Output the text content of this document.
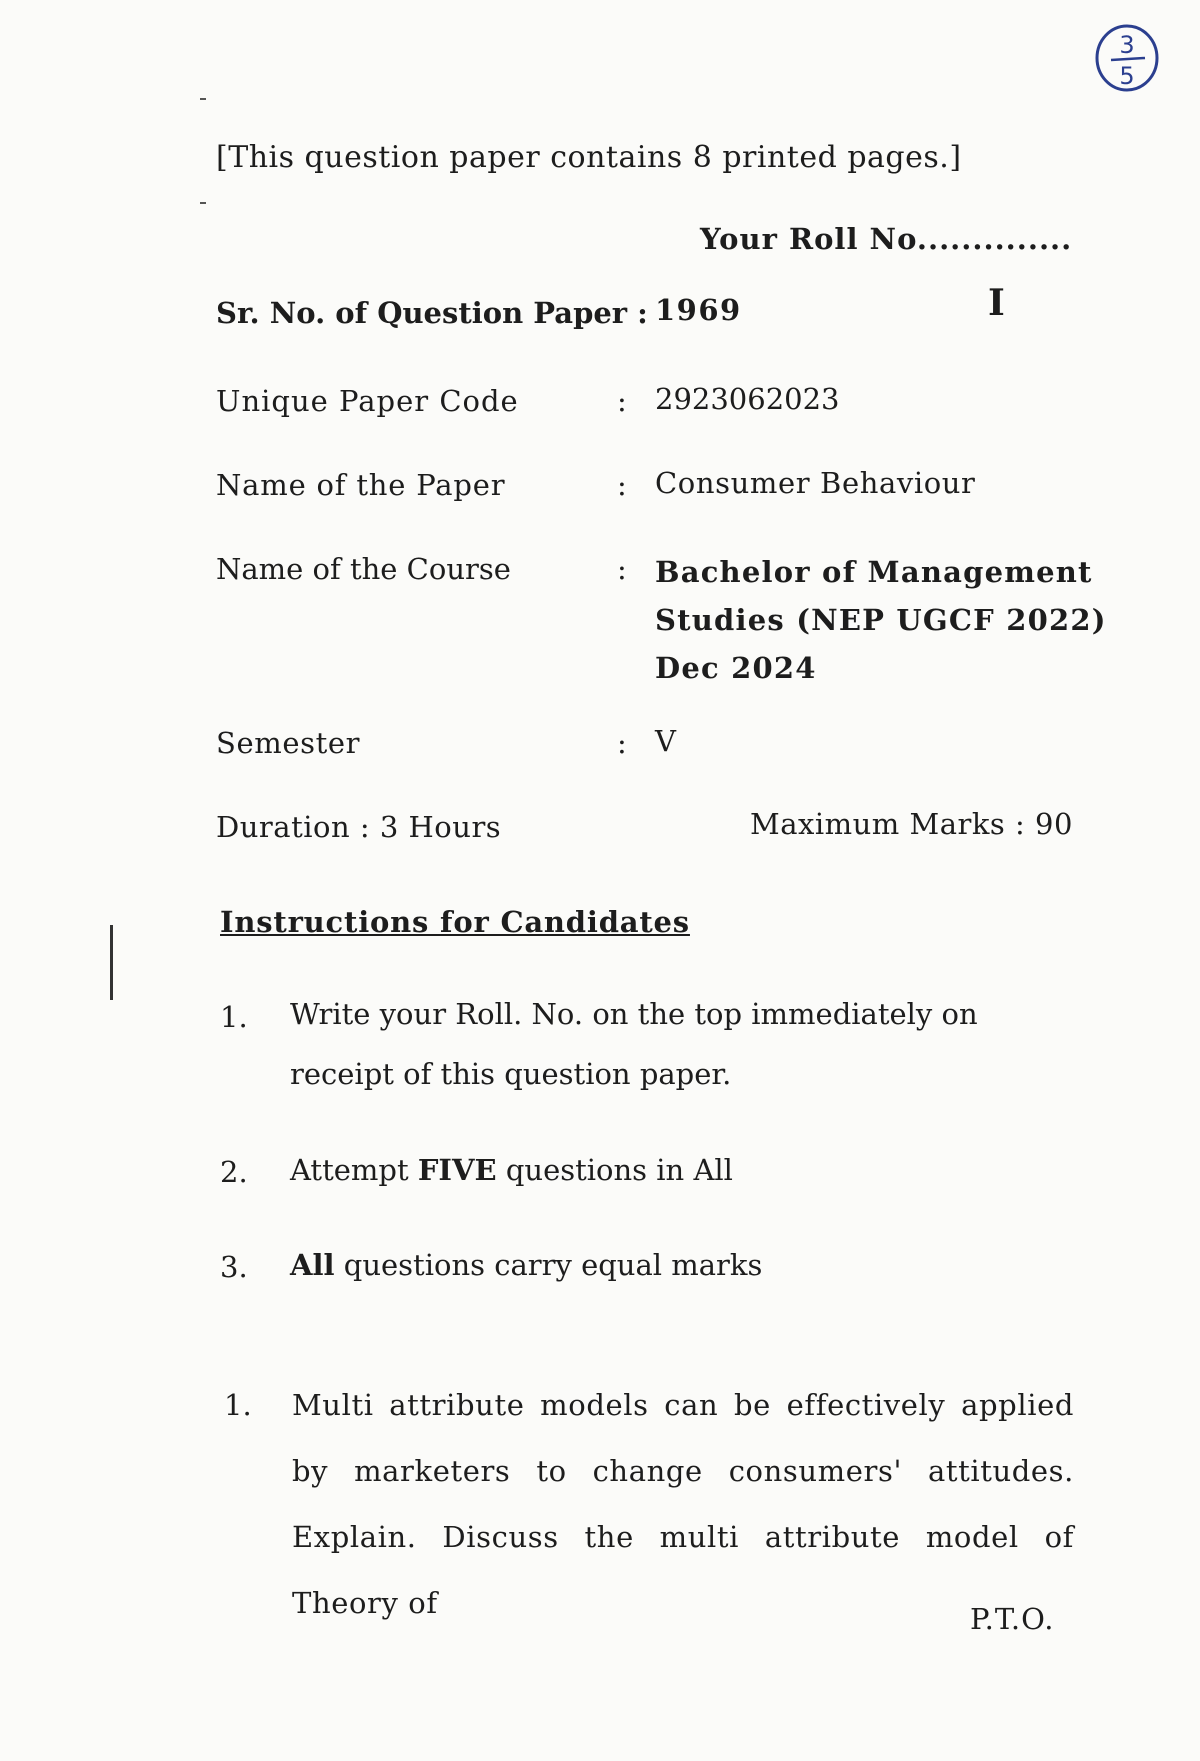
3
5
[This question paper contains 8 printed pages.]
Your Roll No..............
Sr. No. of Question Paper : 1969	I
Unique Paper Code	: 2923062023
Name of the Paper	: Consumer Behaviour
Name of the Course	: Bachelor of Management
Studies (NEP UGCF 2022)
Dec 2024
Semester	: V
Duration : 3 Hours	Maximum Marks : 90
Instructions for Candidates
1. Write your Roll. No. on the top immediately on receipt of this question paper.
2. Attempt FIVE questions in All
3. All questions carry equal marks
1. Multi attribute models can be effectively applied by marketers to change consumers' attitudes. Explain. Discuss the multi attribute model of Theory of	P.T.O.
